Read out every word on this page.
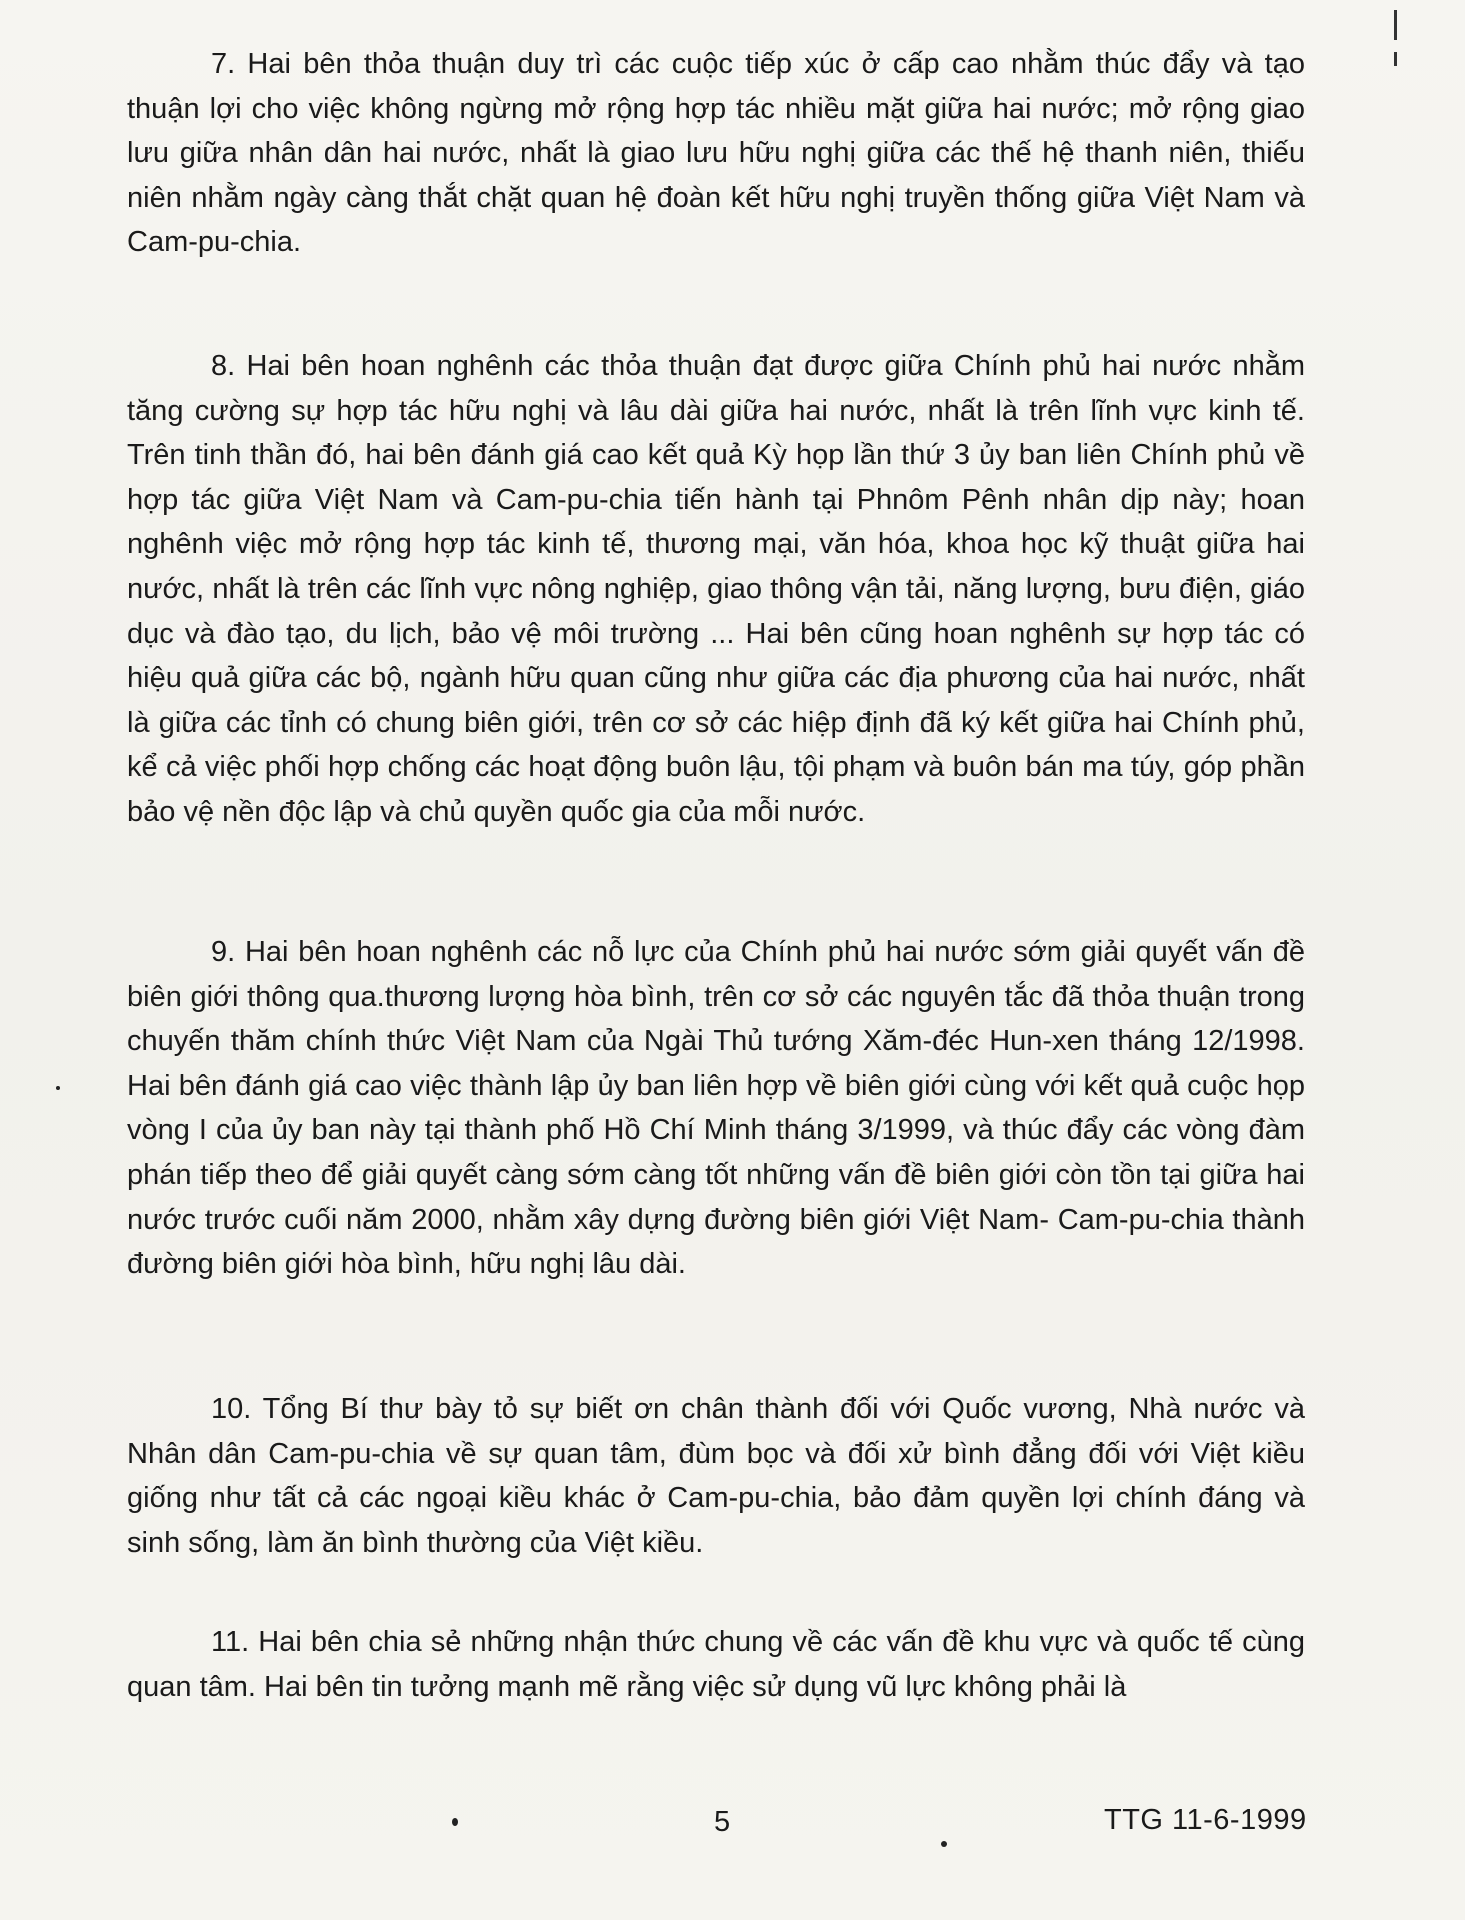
7. Hai bên thỏa thuận duy trì các cuộc tiếp xúc ở cấp cao nhằm thúc đẩy và tạo thuận lợi cho việc không ngừng mở rộng hợp tác nhiều mặt giữa hai nước; mở rộng giao lưu giữa nhân dân hai nước, nhất là giao lưu hữu nghị giữa các thế hệ thanh niên, thiếu niên nhằm ngày càng thắt chặt quan hệ đoàn kết hữu nghị truyền thống giữa Việt Nam và Cam-pu-chia.

8. Hai bên hoan nghênh các thỏa thuận đạt được giữa Chính phủ hai nước nhằm tăng cường sự hợp tác hữu nghị và lâu dài giữa hai nước, nhất là trên lĩnh vực kinh tế. Trên tinh thần đó, hai bên đánh giá cao kết quả Kỳ họp lần thứ 3 ủy ban liên Chính phủ về hợp tác giữa Việt Nam và Cam-pu-chia tiến hành tại Phnôm Pênh nhân dịp này; hoan nghênh việc mở rộng hợp tác kinh tế, thương mại, văn hóa, khoa học kỹ thuật giữa hai nước, nhất là trên các lĩnh vực nông nghiệp, giao thông vận tải, năng lượng, bưu điện, giáo dục và đào tạo, du lịch, bảo vệ môi trường ... Hai bên cũng hoan nghênh sự hợp tác có hiệu quả giữa các bộ, ngành hữu quan cũng như giữa các địa phương của hai nước, nhất là giữa các tỉnh có chung biên giới, trên cơ sở các hiệp định đã ký kết giữa hai Chính phủ, kể cả việc phối hợp chống các hoạt động buôn lậu, tội phạm và buôn bán ma túy, góp phần bảo vệ nền độc lập và chủ quyền quốc gia của mỗi nước.

9. Hai bên hoan nghênh các nỗ lực của Chính phủ hai nước sớm giải quyết vấn đề biên giới thông qua.thương lượng hòa bình, trên cơ sở các nguyên tắc đã thỏa thuận trong chuyến thăm chính thức Việt Nam của Ngài Thủ tướng Xăm-đéc Hun-xen tháng 12/1998. Hai bên đánh giá cao việc thành lập ủy ban liên hợp về biên giới cùng với kết quả cuộc họp vòng I của ủy ban này tại thành phố Hồ Chí Minh tháng 3/1999, và thúc đẩy các vòng đàm phán tiếp theo để giải quyết càng sớm càng tốt những vấn đề biên giới còn tồn tại giữa hai nước trước cuối năm 2000, nhằm xây dựng đường biên giới Việt Nam- Cam-pu-chia thành đường biên giới hòa bình, hữu nghị lâu dài.

10. Tổng Bí thư bày tỏ sự biết ơn chân thành đối với Quốc vương, Nhà nước và Nhân dân Cam-pu-chia về sự quan tâm, đùm bọc và đối xử bình đẳng đối với Việt kiều giống như tất cả các ngoại kiều khác ở Cam-pu-chia, bảo đảm quyền lợi chính đáng và sinh sống, làm ăn bình thường của Việt kiều.

11. Hai bên chia sẻ những nhận thức chung về các vấn đề khu vực và quốc tế cùng quan tâm. Hai bên tin tưởng mạnh mẽ rằng việc sử dụng vũ lực không phải là

5	TTG 11-6-1999
